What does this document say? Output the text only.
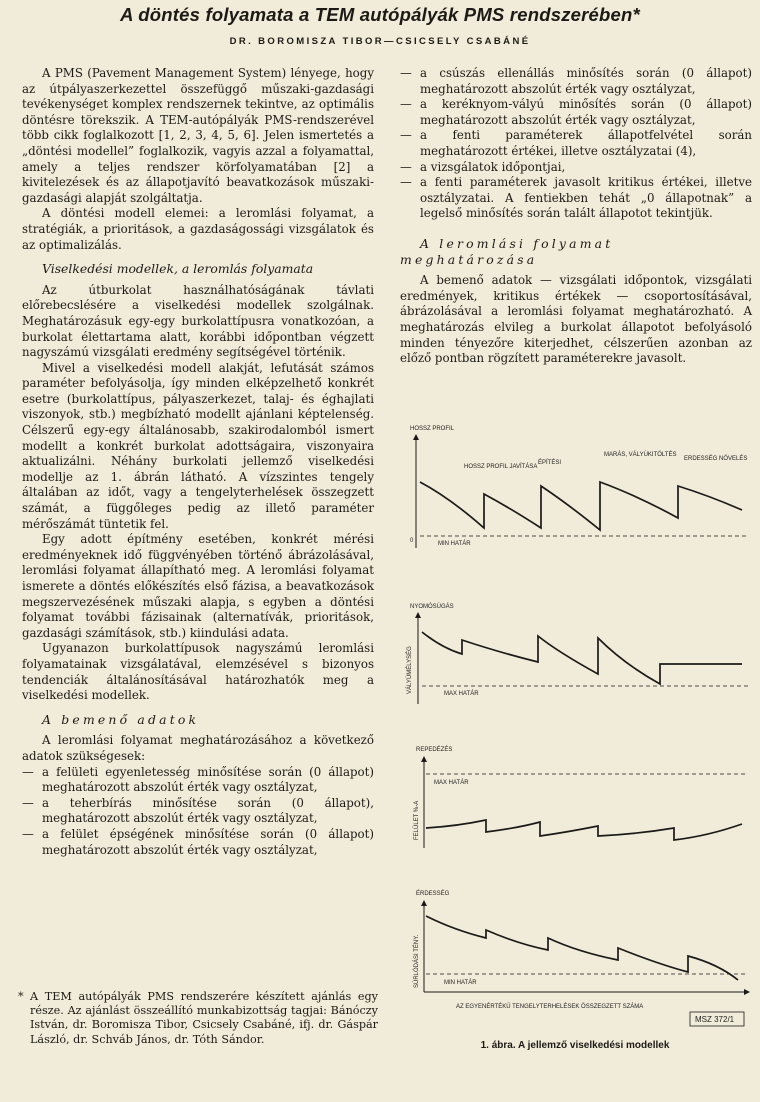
A döntés folyamata a TEM autópályák PMS rendszerében*
DR. BOROMISZA TIBOR—CSICSELY CSABÁNÉ

A PMS (Pavement Management System) lényege, hogy az útpályaszerkezettel összefüggő műszaki-gazdasági tevékenységet komplex rendszernek tekintve, az optimális döntésre törekszik. A TEM-autópályák PMS-rendszerével több cikk foglalkozott [1, 2, 3, 4, 5, 6]. Jelen ismertetés a „döntési modellel” foglalkozik, vagyis azzal a folyamattal, amely a teljes rendszer körfolyamatában [2] a kivitelezések és az állapotjavító beavatkozások műszaki-gazdasági alapját szolgáltatja.

A döntési modell elemei: a leromlási folyamat, a stratégiák, a prioritások, a gazdaságossági vizsgálatok és az optimalizálás.

Viselkedési modellek, a leromlás folyamata

Az útburkolat használhatóságának távlati előrebecslésére a viselkedési modellek szolgálnak. Meghatározásuk egy-egy burkolattípusra vonatkozóan, a burkolat élettartama alatt, korábbi időpontban végzett nagyszámú vizsgálati eredmény segítségével történik.

Mivel a viselkedési modell alakját, lefutását számos paraméter befolyásolja, így minden elképzelhető konkrét esetre (burkolattípus, pályaszerkezet, talaj- és éghajlati viszonyok, stb.) megbízható modellt ajánlani képtelenség. Célszerű egy-egy általánosabb, szakirodalomból ismert modellt a konkrét burkolat adottságaira, viszonyaira aktualizálni. Néhány burkolati jellemző viselkedési modellje az 1. ábrán látható. A vízszintes tengely általában az időt, vagy a tengelyterhelések összegzett számát, a függőleges pedig az illető paraméter mérőszámát tüntetik fel.

Egy adott építmény esetében, konkrét mérési eredményeknek idő függvényében történő ábrázolásával, leromlási folyamat állapítható meg. A leromlási folyamat ismerete a döntés előkészítés első fázisa, a beavatkozások megszervezésének műszaki alapja, s egyben a döntési folyamat további fázisainak (alternatívák, prioritások, gazdasági számítások, stb.) kiindulási adata.

Ugyanazon burkolattípusok nagyszámú leromlási folyamatainak vizsgálatával, elemzésével s bizonyos tendenciák általánosításával határozhatók meg a viselkedési modellek.

A bemenő adatok

A leromlási folyamat meghatározásához a következő adatok szükségesek:

— a felületi egyenletesség minősítése során (0 állapot) meghatározott abszolút érték vagy osztályzat,
— a teherbírás minősítése során (0 állapot), meghatározott abszolút érték vagy osztályzat,
— a felület épségének minősítése során (0 állapot) meghatározott abszolút érték vagy osztályzat,
* A TEM autópályák PMS rendszerére készített ajánlás egy része. Az ajánlást összeállító munkabizottság tagjai: Bánóczy István, dr. Boromisza Tibor, Csicsely Csabáné, ifj. dr. Gáspár László, dr. Schváb János, dr. Tóth Sándor.
— a csúszás ellenállás minősítés során (0 állapot) meghatározott abszolút érték vagy osztályzat,
— a keréknyom-vályú minősítés során (0 állapot) meghatározott abszolút érték vagy osztályzat,
— a fenti paraméterek állapotfelvétel során meghatározott értékei, illetve osztályzatai (4),
— a vizsgálatok időpontjai,
— a fenti paraméterek javasolt kritikus értékei, illetve osztályzatai. A fentiekben tehát „0 állapotnak” a legelső minősítés során talált állapotot tekintjük.
A leromlási folyamat meghatározása

A bemenő adatok — vizsgálati időpontok, vizsgálati eredmények, kritikus értékek — csoportosításával, ábrázolásával a leromlási folyamat meghatározható. A meghatározás elvileg a burkolat állapotot befolyásoló minden tényezőre kiterjedhet, célszerűen azonban az előző pontban rögzített paraméterekre javasolt.

HOSSZ PROFIL
0	MIN HATÁR
HOSSZ PROFIL JAVÍTÁSA
ÉPÍTÉSI
MARÁS, VÁLYÚKITÖLTÉS
ERDESSÉG NÖVELÉS
NYOMÓSÚGÁS
VÁLYÚMÉLYSÉG	MAX HATÁR
REPEDÉZÉS
FELÜLET %-A
MAX HATÁR
ÉRDESSÉG
SÚRLÓDÁSI TÉNY.	MIN HATÁR
AZ EGYENÉRTÉKŰ TENGELYTERHELÉSEK ÖSSZEGZETT SZÁMA
MSZ 372/1
1. ábra. A jellemző viselkedési modellek
